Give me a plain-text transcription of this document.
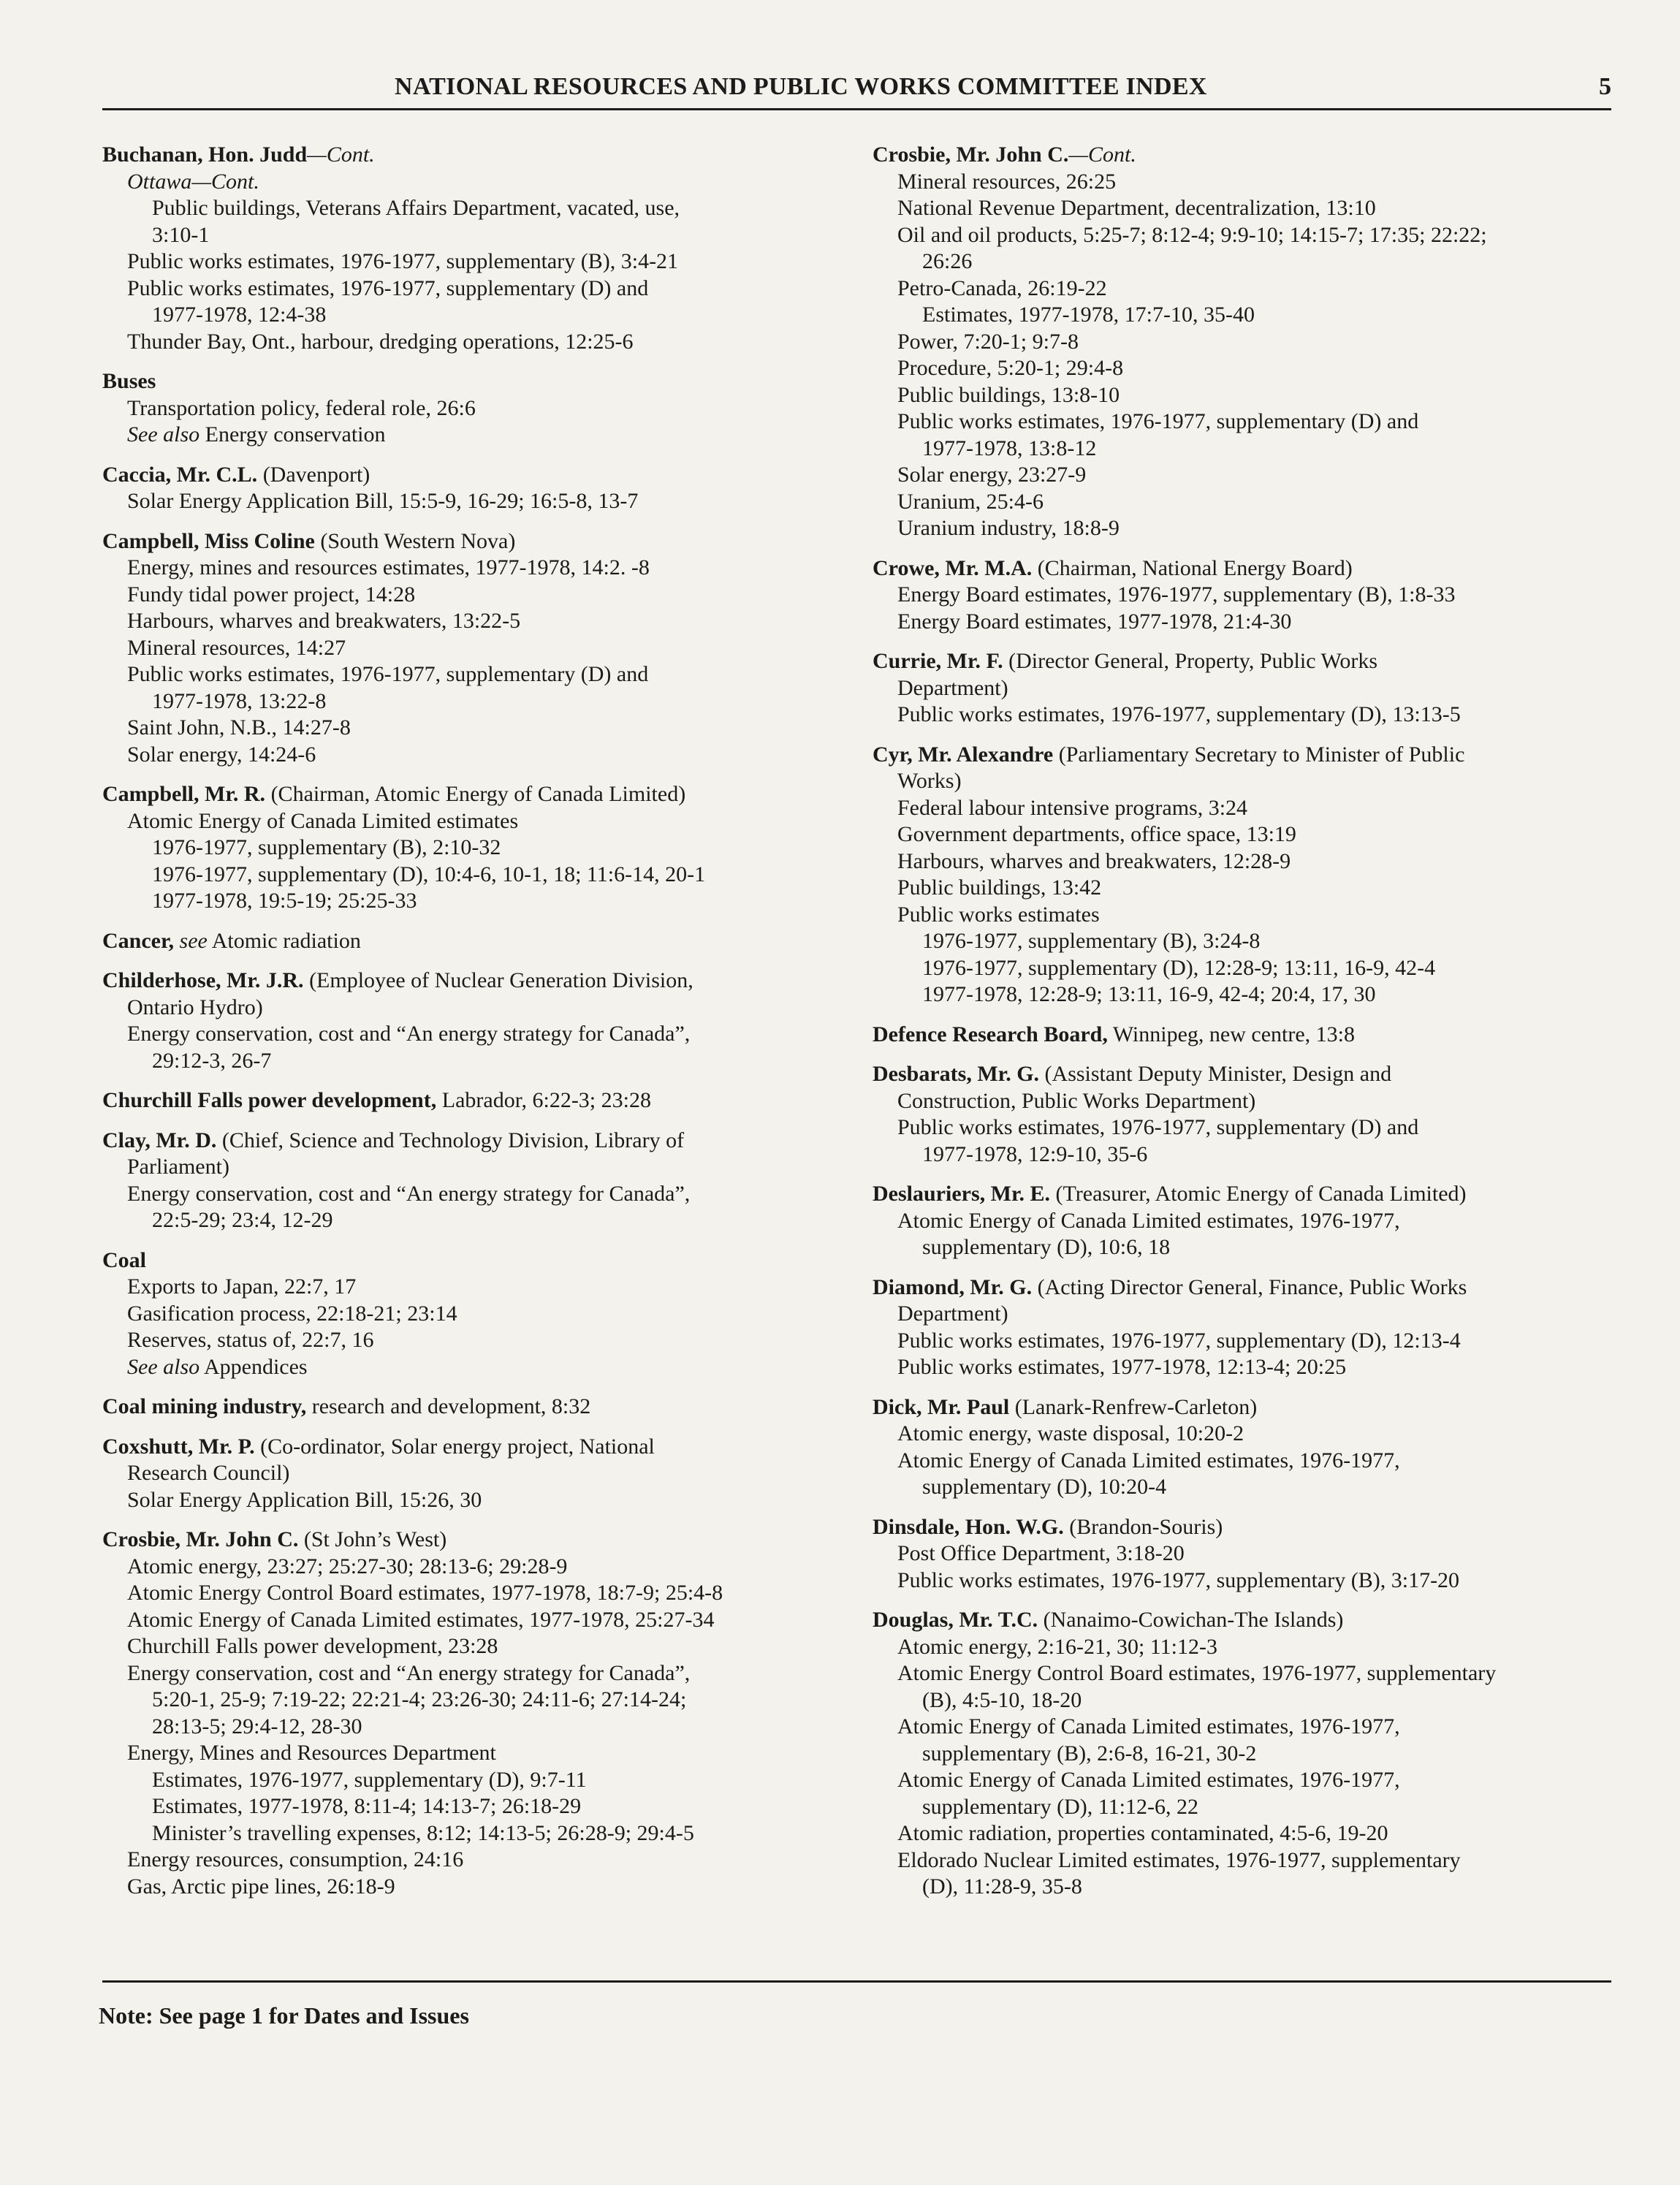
NATIONAL RESOURCES AND PUBLIC WORKS COMMITTEE INDEX	5
Buchanan, Hon. Judd—Cont.
Ottawa—Cont.
Public buildings, Veterans Affairs Department, vacated, use,
3:10-1
Public works estimates, 1976-1977, supplementary (B), 3:4-21
Public works estimates, 1976-1977, supplementary (D) and
1977-1978, 12:4-38
Thunder Bay, Ont., harbour, dredging operations, 12:25-6
Buses
Transportation policy, federal role, 26:6
See also Energy conservation
Caccia, Mr. C.L. (Davenport)
Solar Energy Application Bill, 15:5-9, 16-29; 16:5-8, 13-7
Campbell, Miss Coline (South Western Nova)
Energy, mines and resources estimates, 1977-1978, 14:2. -8
Fundy tidal power project, 14:28
Harbours, wharves and breakwaters, 13:22-5
Mineral resources, 14:27
Public works estimates, 1976-1977, supplementary (D) and
1977-1978, 13:22-8
Saint John, N.B., 14:27-8
Solar energy, 14:24-6
Campbell, Mr. R. (Chairman, Atomic Energy of Canada Limited)
Atomic Energy of Canada Limited estimates
1976-1977, supplementary (B), 2:10-32
1976-1977, supplementary (D), 10:4-6, 10-1, 18; 11:6-14, 20-1
1977-1978, 19:5-19; 25:25-33
Cancer, see Atomic radiation
Childerhose, Mr. J.R. (Employee of Nuclear Generation Division,
Ontario Hydro)
Energy conservation, cost and “An energy strategy for Canada”,
29:12-3, 26-7
Churchill Falls power development, Labrador, 6:22-3; 23:28
Clay, Mr. D. (Chief, Science and Technology Division, Library of
Parliament)
Energy conservation, cost and “An energy strategy for Canada”,
22:5-29; 23:4, 12-29
Coal
Exports to Japan, 22:7, 17
Gasification process, 22:18-21; 23:14
Reserves, status of, 22:7, 16
See also Appendices
Coal mining industry, research and development, 8:32
Coxshutt, Mr. P. (Co-ordinator, Solar energy project, National
Research Council)
Solar Energy Application Bill, 15:26, 30
Crosbie, Mr. John C. (St John’s West)
Atomic energy, 23:27; 25:27-30; 28:13-6; 29:28-9
Atomic Energy Control Board estimates, 1977-1978, 18:7-9; 25:4-8
Atomic Energy of Canada Limited estimates, 1977-1978, 25:27-34
Churchill Falls power development, 23:28
Energy conservation, cost and “An energy strategy for Canada”,
5:20-1, 25-9; 7:19-22; 22:21-4; 23:26-30; 24:11-6; 27:14-24;
28:13-5; 29:4-12, 28-30
Energy, Mines and Resources Department
Estimates, 1976-1977, supplementary (D), 9:7-11
Estimates, 1977-1978, 8:11-4; 14:13-7; 26:18-29
Minister’s travelling expenses, 8:12; 14:13-5; 26:28-9; 29:4-5
Energy resources, consumption, 24:16
Gas, Arctic pipe lines, 26:18-9
Crosbie, Mr. John C.—Cont.
Mineral resources, 26:25
National Revenue Department, decentralization, 13:10
Oil and oil products, 5:25-7; 8:12-4; 9:9-10; 14:15-7; 17:35; 22:22;
26:26
Petro-Canada, 26:19-22
Estimates, 1977-1978, 17:7-10, 35-40
Power, 7:20-1; 9:7-8
Procedure, 5:20-1; 29:4-8
Public buildings, 13:8-10
Public works estimates, 1976-1977, supplementary (D) and
1977-1978, 13:8-12
Solar energy, 23:27-9
Uranium, 25:4-6
Uranium industry, 18:8-9
Crowe, Mr. M.A. (Chairman, National Energy Board)
Energy Board estimates, 1976-1977, supplementary (B), 1:8-33
Energy Board estimates, 1977-1978, 21:4-30
Currie, Mr. F. (Director General, Property, Public Works
Department)
Public works estimates, 1976-1977, supplementary (D), 13:13-5
Cyr, Mr. Alexandre (Parliamentary Secretary to Minister of Public
Works)
Federal labour intensive programs, 3:24
Government departments, office space, 13:19
Harbours, wharves and breakwaters, 12:28-9
Public buildings, 13:42
Public works estimates
1976-1977, supplementary (B), 3:24-8
1976-1977, supplementary (D), 12:28-9; 13:11, 16-9, 42-4
1977-1978, 12:28-9; 13:11, 16-9, 42-4; 20:4, 17, 30
Defence Research Board, Winnipeg, new centre, 13:8
Desbarats, Mr. G. (Assistant Deputy Minister, Design and
Construction, Public Works Department)
Public works estimates, 1976-1977, supplementary (D) and
1977-1978, 12:9-10, 35-6
Deslauriers, Mr. E. (Treasurer, Atomic Energy of Canada Limited)
Atomic Energy of Canada Limited estimates, 1976-1977,
supplementary (D), 10:6, 18
Diamond, Mr. G. (Acting Director General, Finance, Public Works
Department)
Public works estimates, 1976-1977, supplementary (D), 12:13-4
Public works estimates, 1977-1978, 12:13-4; 20:25
Dick, Mr. Paul (Lanark-Renfrew-Carleton)
Atomic energy, waste disposal, 10:20-2
Atomic Energy of Canada Limited estimates, 1976-1977,
supplementary (D), 10:20-4
Dinsdale, Hon. W.G. (Brandon-Souris)
Post Office Department, 3:18-20
Public works estimates, 1976-1977, supplementary (B), 3:17-20
Douglas, Mr. T.C. (Nanaimo-Cowichan-The Islands)
Atomic energy, 2:16-21, 30; 11:12-3
Atomic Energy Control Board estimates, 1976-1977, supplementary
(B), 4:5-10, 18-20
Atomic Energy of Canada Limited estimates, 1976-1977,
supplementary (B), 2:6-8, 16-21, 30-2
Atomic Energy of Canada Limited estimates, 1976-1977,
supplementary (D), 11:12-6, 22
Atomic radiation, properties contaminated, 4:5-6, 19-20
Eldorado Nuclear Limited estimates, 1976-1977, supplementary
(D), 11:28-9, 35-8
Note: See page 1 for Dates and Issues
